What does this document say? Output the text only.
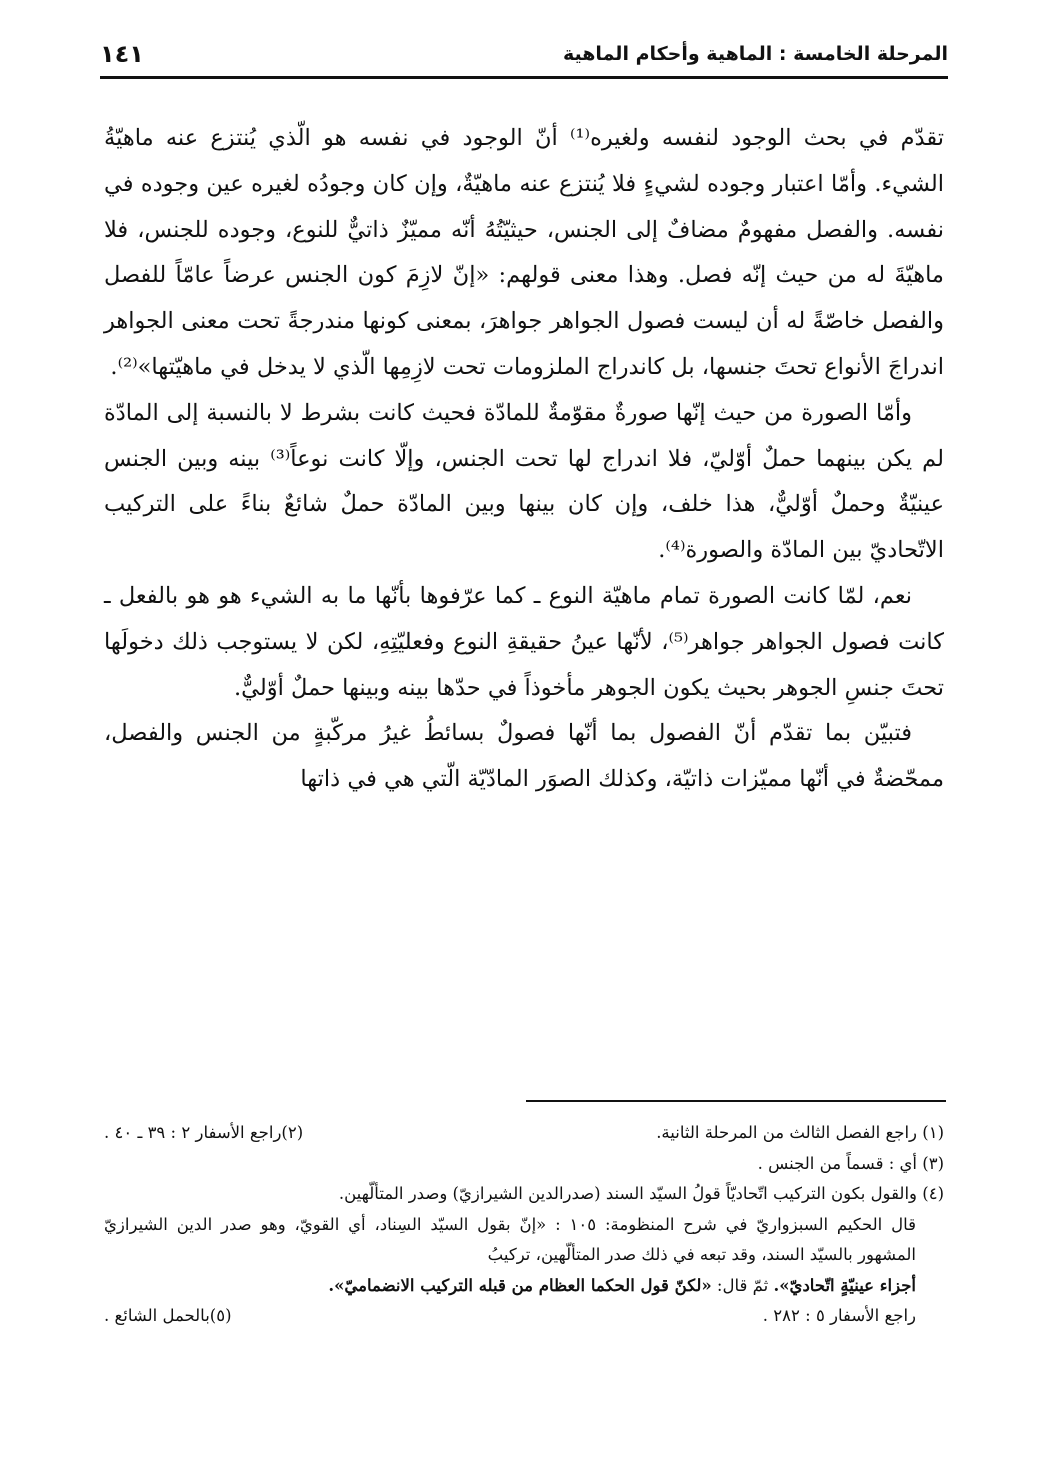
المرحلة الخامسة : الماهية وأحكام الماهية
١٤١

تقدّم في بحث الوجود لنفسه ولغيره⁽¹⁾ أنّ الوجود في نفسه هو الّذي يُنتزع عنه ماهيّةُ الشيء. وأمّا اعتبار وجوده لشيءٍ فلا يُنتزع عنه ماهيّةٌ، وإن كان وجودُه لغيره عين وجوده في نفسه. والفصل مفهومٌ مضافٌ إلى الجنس، حيثيّتُهُ أنّه مميّزٌ ذاتيٌّ للنوع، وجوده للجنس، فلا ماهيّةَ له من حيث إنّه فصل. وهذا معنى قولهم: «إنّ لازِمَ كون الجنس عرضاً عامّاً للفصل والفصل خاصّةً له أن ليست فصول الجواهر جواهرَ، بمعنى كونها مندرجةً تحت معنى الجواهر اندراجَ الأنواع تحتَ جنسها، بل كاندراج الملزومات تحت لازِمِها الّذي لا يدخل في ماهيّتها»⁽²⁾.

وأمّا الصورة من حيث إنّها صورةٌ مقوّمةٌ للمادّة فحيث كانت بشرط لا بالنسبة إلى المادّة لم يكن بينهما حملٌ أوّليّ، فلا اندراج لها تحت الجنس، وإلّا كانت نوعاً⁽³⁾ بينه وبين الجنس عينيّةٌ وحملٌ أوّليٌّ، هذا خلف، وإن كان بينها وبين المادّة حملٌ شائعٌ بناءً على التركيب الاتّحاديّ بين المادّة والصورة⁽⁴⁾.

نعم، لمّا كانت الصورة تمام ماهيّة النوع ـ كما عرّفوها بأنّها ما به الشيء هو هو بالفعل ـ كانت فصول الجواهر جواهر⁽⁵⁾، لأنّها عينُ حقيقةِ النوع وفعليّتِهِ، لكن لا يستوجب ذلك دخولَها تحتَ جنسِ الجوهر بحيث يكون الجوهر مأخوذاً في حدّها بينه وبينها حملٌ أوّليٌّ.

فتبيّن بما تقدّم أنّ الفصول بما أنّها فصولٌ بسائطُ غيرُ مركّبةٍ من الجنس والفصل، ممحّضةٌ في أنّها مميّزات ذاتيّة، وكذلك الصوَر المادّيّة الّتي هي في ذاتها

(١) راجع الفصل الثالث من المرحلة الثانية.
(٢)راجع الأسفار ٢ : ٣٩ ـ ٤٠ .
(٣) أي : قسماً من الجنس .
(٤) والقول بكون التركيب اتّحاديّاً قولُ السيّد السند (صدرالدين الشيرازيّ) وصدر المتألّهين.
قال الحكيم السبزواريّ في شرح المنظومة: ١٠٥ : «إنّ بقول السيّد السِناد، أي القويّ، وهو صدر الدين الشيرازيّ المشهور بالسيّد السند، وقد تبعه في ذلك صدر المتألّهين، تركيبُ
أجزاء عينيّةٍ اتّحاديّ». ثمّ قال: «لكنّ قول الحكما العظام من قبله التركيب الانضماميّ».
راجع الأسفار ٥ : ٢٨٢ .
(٥)بالحمل الشائع .
